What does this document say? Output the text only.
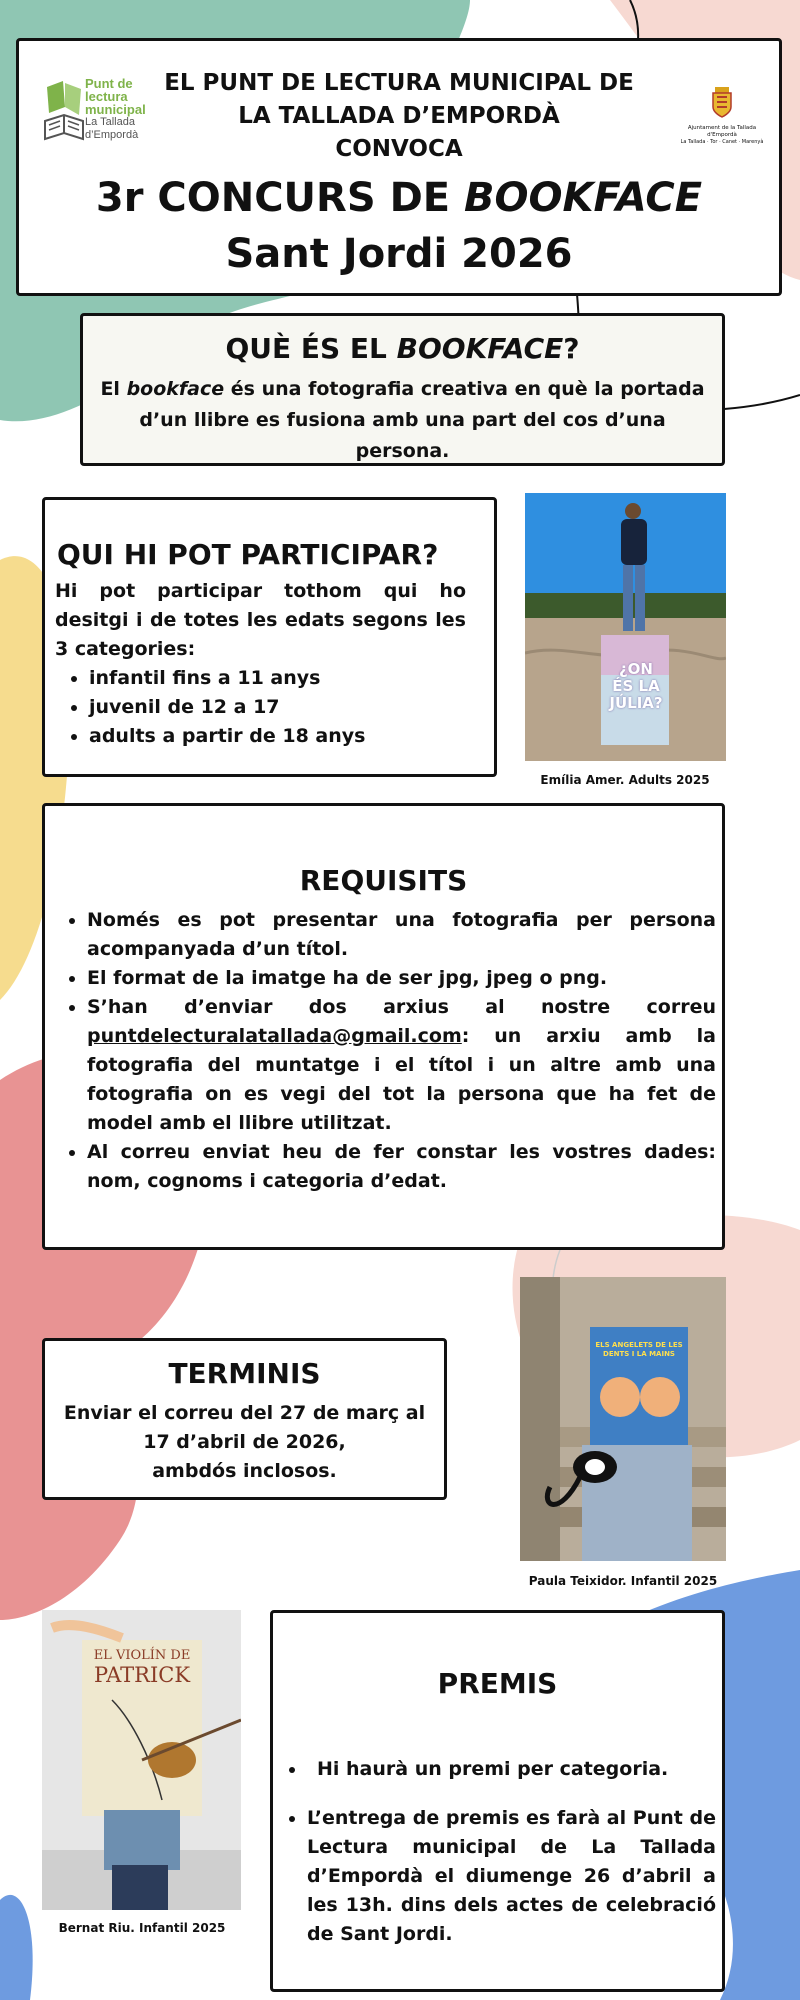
Punt de
lectura
municipal
La Tallada
d’Empordà
EL PUNT DE LECTURA MUNICIPAL DE
LA TALLADA D’EMPORDÀ
CONVOCA
3r CONCURS DE BOOKFACE
Sant Jordi 2026
Ajuntament de la Tallada d'Empordà
La Tallada · Tor · Canet · Marenyà
QUÈ ÉS EL BOOKFACE?

El bookface és una fotografia creativa en què la portada d’un llibre es fusiona amb una part del cos d’una persona.

QUI HI POT PARTICIPAR?
Hi pot participar tothom qui ho desitgi i de totes les edats segons les 3 categories:
• infantil fins a 11 anys
• juvenil de 12 a 17
• adults a partir de 18 anys
¿ON
ÉS LA
JÚLIA?
Emília Amer. Adults 2025
REQUISITS
• Només es pot presentar una fotografia per persona acompanyada d’un títol.
• El format de la imatge ha de ser jpg, jpeg o png.
• S’han d’enviar dos arxius al nostre correu puntdelecturalatallada@gmail.com: un arxiu amb la fotografia del muntatge i el títol i un altre amb una fotografia on es vegi del tot la persona que ha fet de model amb el llibre utilitzat.
• Al correu enviat heu de fer constar les vostres dades: nom, cognoms i categoria d’edat.
ELS ANGELETS DE LES
DENTS I LA MAINS
Paula Teixidor. Infantil 2025
TERMINIS

Enviar el correu del 27 de març al
17 d’abril de 2026,
ambdós inclosos.

EL VIOLÍN DE
PATRICK
Bernat Riu. Infantil 2025
PREMIS
• Hi haurà un premi per categoria.
• L’entrega de premis es farà al Punt de Lectura municipal de La Tallada d’Empordà el diumenge 26 d’abril a les 13h. dins dels actes de celebració de Sant Jordi.
